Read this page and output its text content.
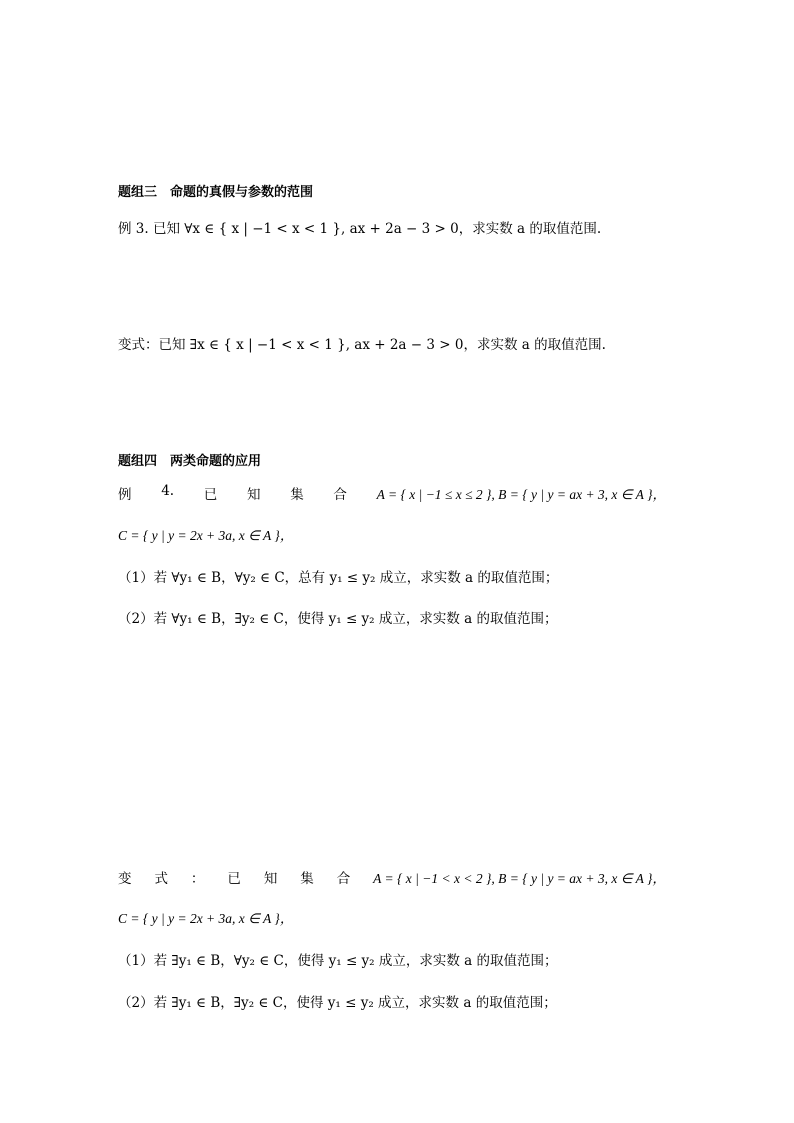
题组三　命题的真假与参数的范围
例 3. 已知 ∀x ∈ { x | −1 < x < 1 }, ax + 2a − 3 > 0，求实数 a 的取值范围.
变式：已知 ∃x ∈ { x | −1 < x < 1 }, ax + 2a − 3 > 0，求实数 a 的取值范围.
题组四　两类命题的应用
例 4. 已 知 集 合 A = { x | −1 ≤ x ≤ 2 }, B = { y | y = ax + 3, x ∈ A }，
C = { y | y = 2x + 3a, x ∈ A }，
（1）若 ∀y₁ ∈ B，∀y₂ ∈ C，总有 y₁ ≤ y₂ 成立，求实数 a 的取值范围；
（2）若 ∀y₁ ∈ B，∃y₂ ∈ C，使得 y₁ ≤ y₂ 成立，求实数 a 的取值范围；
变 式 ： 已 知 集 合 A = { x | −1 < x < 2 }, B = { y | y = ax + 3, x ∈ A }，
C = { y | y = 2x + 3a, x ∈ A }，
（1）若 ∃y₁ ∈ B，∀y₂ ∈ C，使得 y₁ ≤ y₂ 成立，求实数 a 的取值范围；
（2）若 ∃y₁ ∈ B，∃y₂ ∈ C，使得 y₁ ≤ y₂ 成立，求实数 a 的取值范围；
